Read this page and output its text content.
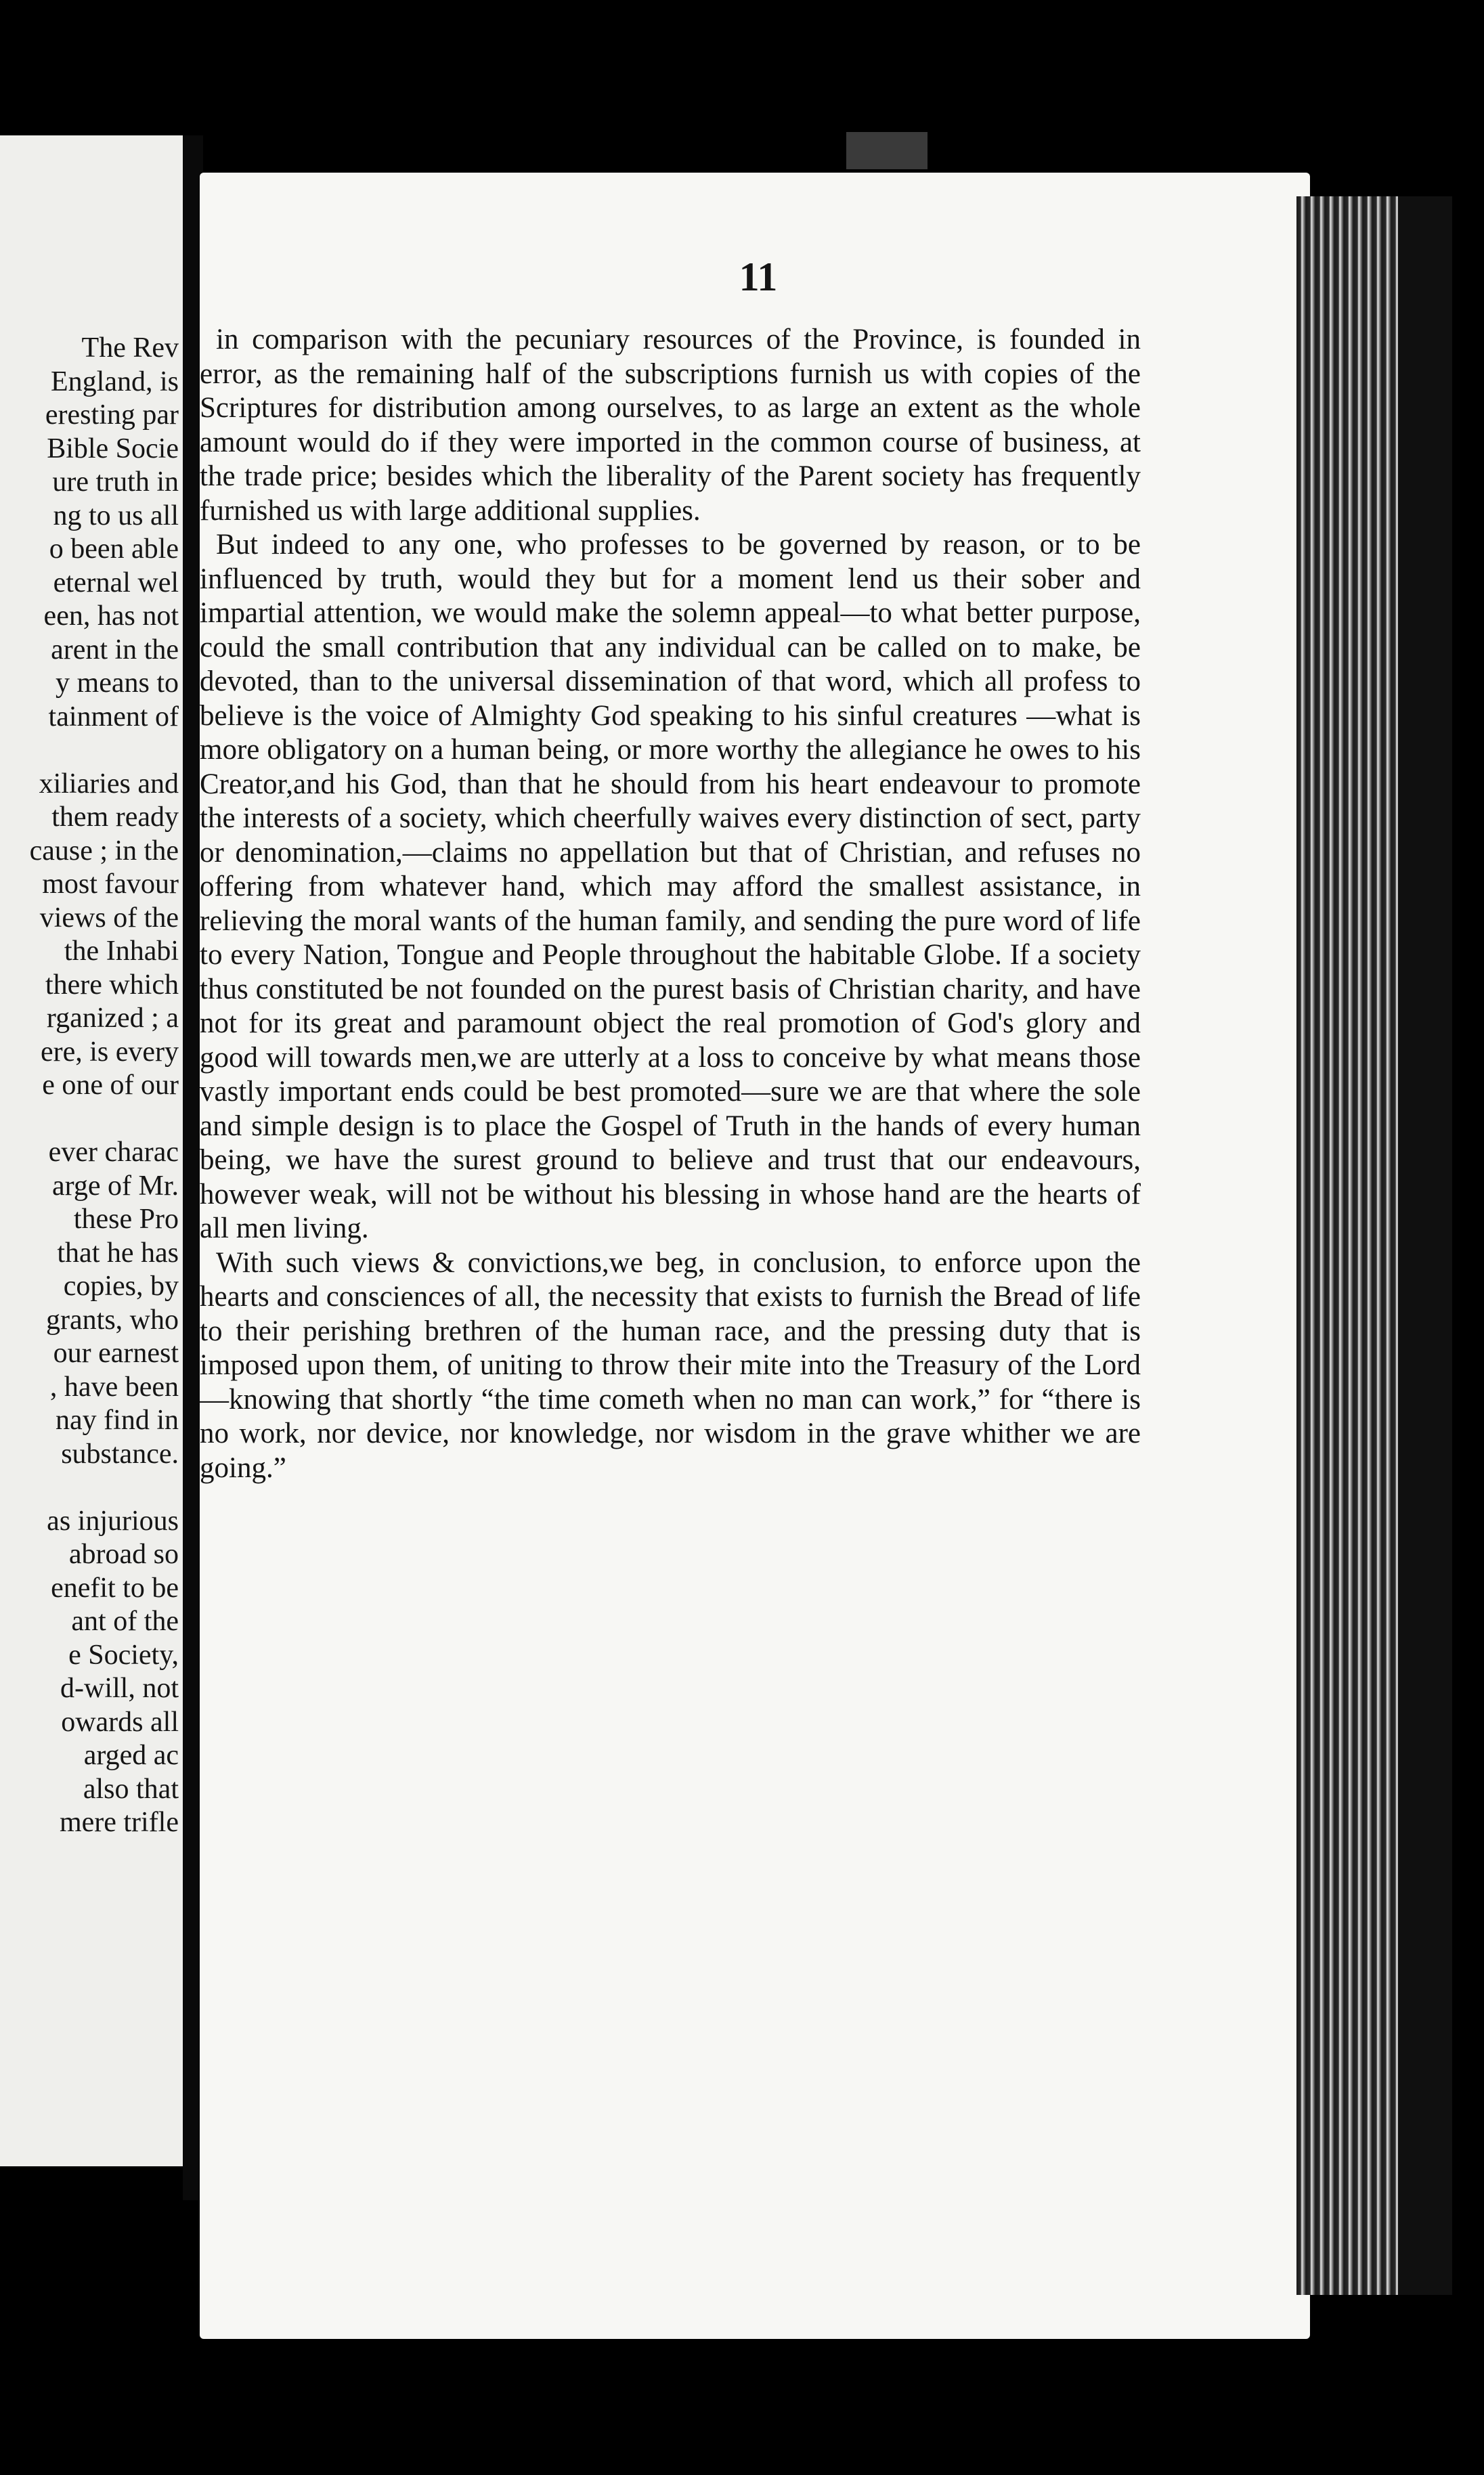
The Rev
England, is
eresting par
Bible Socie
ure truth in
ng to us all
o been able
eternal wel
een, has not
arent in the
y means to
tainment of
xiliaries and
them ready
cause ; in the
most favour
views of the
the Inhabi
there which
rganized ; a
ere, is every
e one of our
ever charac
arge of Mr.
these Pro
that he has
copies, by
grants, who
our earnest
, have been
nay find in
substance.
as injurious
abroad so
enefit to be
ant of the
e Society,
d-will, not
owards all
arged ac
also that
mere trifle
11

in comparison with the pecuniary resources of the Province, is founded in error, as the remaining half of the subscriptions furnish us with copies of the Scriptures for distribution among ourselves, to as large an extent as the whole amount would do if they were imported in the common course of business, at the trade price; besides which the liberality of the Parent society has frequently furnished us with large additional supplies.

But indeed to any one, who professes to be governed by reason, or to be influenced by truth, would they but for a moment lend us their sober and impartial attention, we would make the solemn appeal—to what better purpose, could the small contribution that any individual can be called on to make, be devoted, than to the universal dissemination of that word, which all profess to believe is the voice of Almighty God speaking to his sinful creatures —what is more obligatory on a human being, or more worthy the allegiance he owes to his Creator,and his God, than that he should from his heart endeavour to promote the interests of a society, which cheerfully waives every distinction of sect, party or denomination,—claims no appellation but that of Christian, and refuses no offering from whatever hand, which may afford the smallest assistance, in relieving the moral wants of the human family, and sending the pure word of life to every Nation, Tongue and People throughout the habitable Globe. If a society thus constituted be not founded on the purest basis of Christian charity, and have not for its great and paramount object the real promotion of God's glory and good will towards men,we are utterly at a loss to conceive by what means those vastly important ends could be best promoted—sure we are that where the sole and simple design is to place the Gospel of Truth in the hands of every human being, we have the surest ground to believe and trust that our endeavours, however weak, will not be without his blessing in whose hand are the hearts of all men living.

With such views & convictions,we beg, in conclusion, to enforce upon the hearts and consciences of all, the necessity that exists to furnish the Bread of life to their perishing brethren of the human race, and the pressing duty that is imposed upon them, of uniting to throw their mite into the Treasury of the Lord—knowing that shortly “the time cometh when no man can work,” for “there is no work, nor device, nor knowledge, nor wisdom in the grave whither we are going.”
